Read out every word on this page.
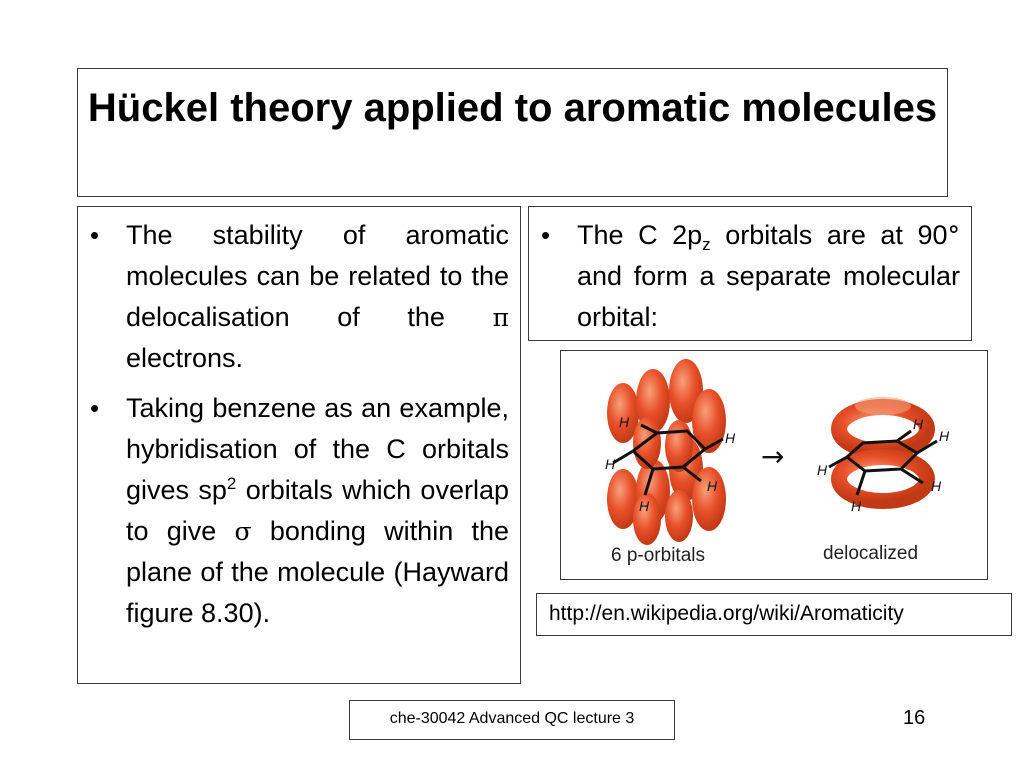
Hückel theory applied to aromatic molecules
• The stability of aromatic molecules can be related to the delocalisation of the π electrons.
• Taking benzene as an example, hybridisation of the C orbitals gives $sp^2$ orbitals which overlap to give σ bonding within the plane of the molecule (Hayward figure 8.30).
• The C $2p_z$ orbitals are at 90° and form a separate molecular orbital:
H
H
H
H
H
→ H
H
H
H
H
6 p-orbitals	delocalized
http://en.wikipedia.org/wiki/Aromaticity
che-30042 Advanced QC lecture 3	16
